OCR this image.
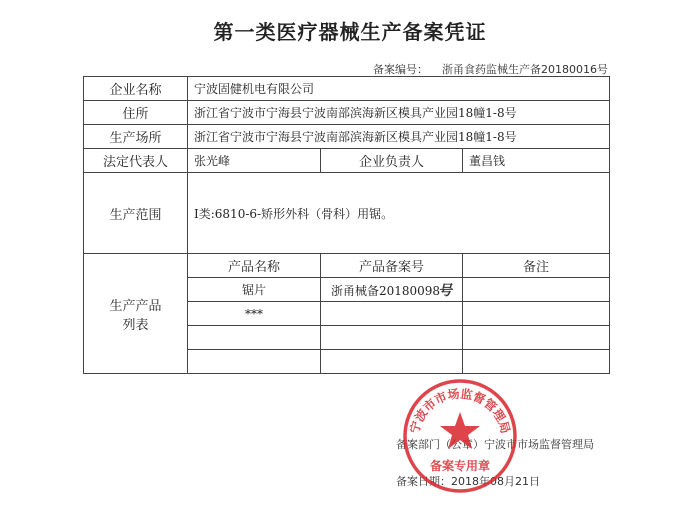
第一类医疗器械生产备案凭证
备案编号： 浙甬食药监械生产备20180016号
企业名称	宁波固健机电有限公司		
住所	浙江省宁波市宁海县宁波南部滨海新区模具产业园18幢1-8号		
生产场所	浙江省宁波市宁海县宁波南部滨海新区模具产业园18幢1-8号		
法定代表人	张光峰	企业负责人	董昌钱
生产范围	Ⅰ类:6810-6-矫形外科（骨科）用锯。		
生产产品
列表	产品名称	产品备案号	备注
	锯片	浙甬械备20180098号	
	***		

备案部门（公章）宁波市市场监督管理局
备案日期：2018年08月21日
宁波市市场监督管理局
备案专用章
